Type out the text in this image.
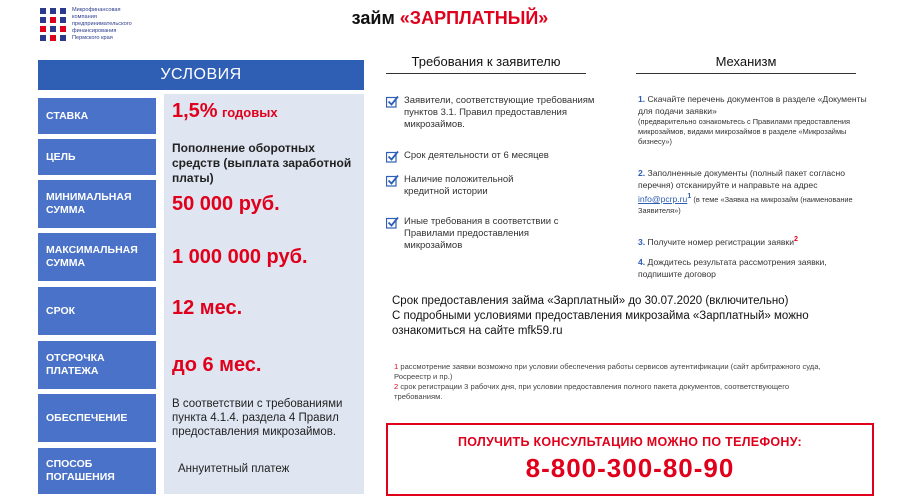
Микрофинансовая
компания
предпринимательского
финансирования
Пермского края
займ «ЗАРПЛАТНЫЙ»
УСЛОВИЯ
СТАВКА
ЦЕЛЬ
МИНИМАЛЬНАЯ СУММА
МАКСИМАЛЬНАЯ СУММА
СРОК
ОТСРОЧКА ПЛАТЕЖА
ОБЕСПЕЧЕНИЕ
СПОСОБ ПОГАШЕНИЯ
1,5% годовых
Пополнение оборотных средств (выплата заработной платы)
50 000 руб.
1 000 000 руб.
12 мес.
до 6 мес.
В соответствии с требованиями пункта 4.1.4. раздела 4 Правил предоставления микрозаймов.
Аннуитетный платеж
Требования к заявителю
Заявители, соответствующие требованиям пунктов 3.1. Правил предоставления микрозаймов.
Срок деятельности от 6 месяцев
Наличие положительной кредитной истории
Иные требования в соответствии с Правилами предоставления микрозаймов
Механизм
1. Скачайте перечень документов в разделе «Документы для подачи заявки»
(предварительно ознакомьтесь с Правилами предоставления микрозаймов, видами микрозаймов в разделе «Микрозаймы бизнесу»)
2. Заполненные документы (полный пакет согласно перечня) отсканируйте и направьте на адрес $info@pcrp.ru^1$ (в теме «Заявка на микрозайм (наименование Заявителя»)
3. Получите номер регистрации заявки$^2$
4. Дождитесь результата рассмотрения заявки, подпишите договор
Срок предоставления займа «Зарплатный» до 30.07.2020 (включительно)
С подробными условиями предоставления микрозайма «Зарплатный» можно ознакомиться на сайте mfk59.ru
1 рассмотрение заявки возможно при условии обеспечения работы сервисов аутентификации (сайт арбитражного суда, Росреестр и пр.)
2 срок регистрации 3 рабочих дня, при условии предоставления полного пакета документов, соответствующего требованиям.
ПОЛУЧИТЬ КОНСУЛЬТАЦИЮ МОЖНО ПО ТЕЛЕФОНУ:
8-800-300-80-90
